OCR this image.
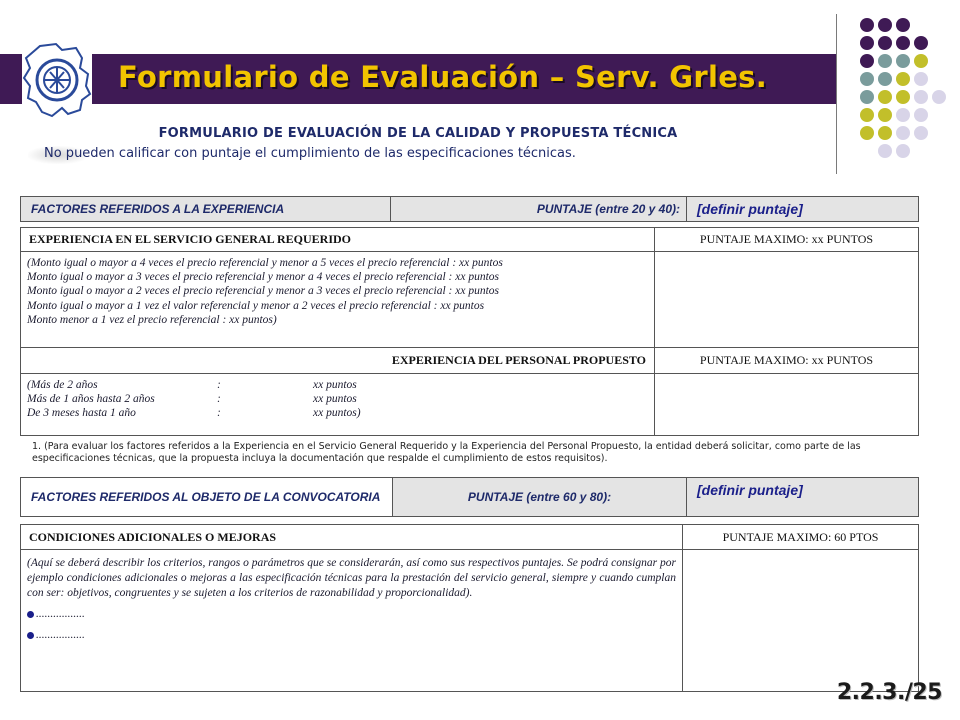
Formulario de Evaluación – Serv. Grles.
FORMULARIO DE EVALUACIÓN DE LA CALIDAD Y PROPUESTA TÉCNICA
No pueden calificar con puntaje el cumplimiento de las especificaciones técnicas.
FACTORES REFERIDOS A LA EXPERIENCIA	PUNTAJE (entre 20 y 40):	[definir puntaje]
EXPERIENCIA EN EL SERVICIO GENERAL REQUERIDO	PUNTAJE MAXIMO: xx PUNTOS

(Monto igual o mayor a 4 veces el precio referencial y menor a 5 veces el precio referencial : xx puntos
Monto igual o mayor a 3 veces el precio referencial y menor a 4 veces el precio referencial : xx puntos
Monto igual o mayor a 2 veces el precio referencial y menor a 3 veces el precio referencial : xx puntos
Monto igual o mayor a 1 vez el valor referencial y menor a 2 veces el precio referencial : xx puntos
Monto menor a 1 vez el precio referencial : xx puntos)	

EXPERIENCIA DEL PERSONAL PROPUESTO	PUNTAJE MAXIMO: xx PUNTOS

(Más de 2 años : xx puntos
Más de 1 años hasta 2 años : xx puntos
De 3 meses hasta 1 año : xx puntos)	

1. (Para evaluar los factores referidos a la Experiencia en el Servicio General Requerido y la Experiencia del Personal Propuesto, la entidad deberá solicitar, como parte de las especificaciones técnicas, que la propuesta incluya la documentación que respalde el cumplimiento de estos requisitos).
FACTORES REFERIDOS AL OBJETO DE LA CONVOCATORIA	PUNTAJE (entre 60 y 80):	[definir puntaje]
CONDICIONES ADICIONALES O MEJORAS	PUNTAJE MAXIMO: 60 PTOS

(Aquí se deberá describir los criterios, rangos o parámetros que se considerarán, así como sus respectivos puntajes. Se podrá consignar por ejemplo condiciones adicionales o mejoras a las especificación técnicas para la prestación del servicio general, siempre y cuando cumplan con ser: objetivos, congruentes y se sujeten a los criterios de razonabilidad y proporcionalidad).
.................
.................	

2.2.3./25
